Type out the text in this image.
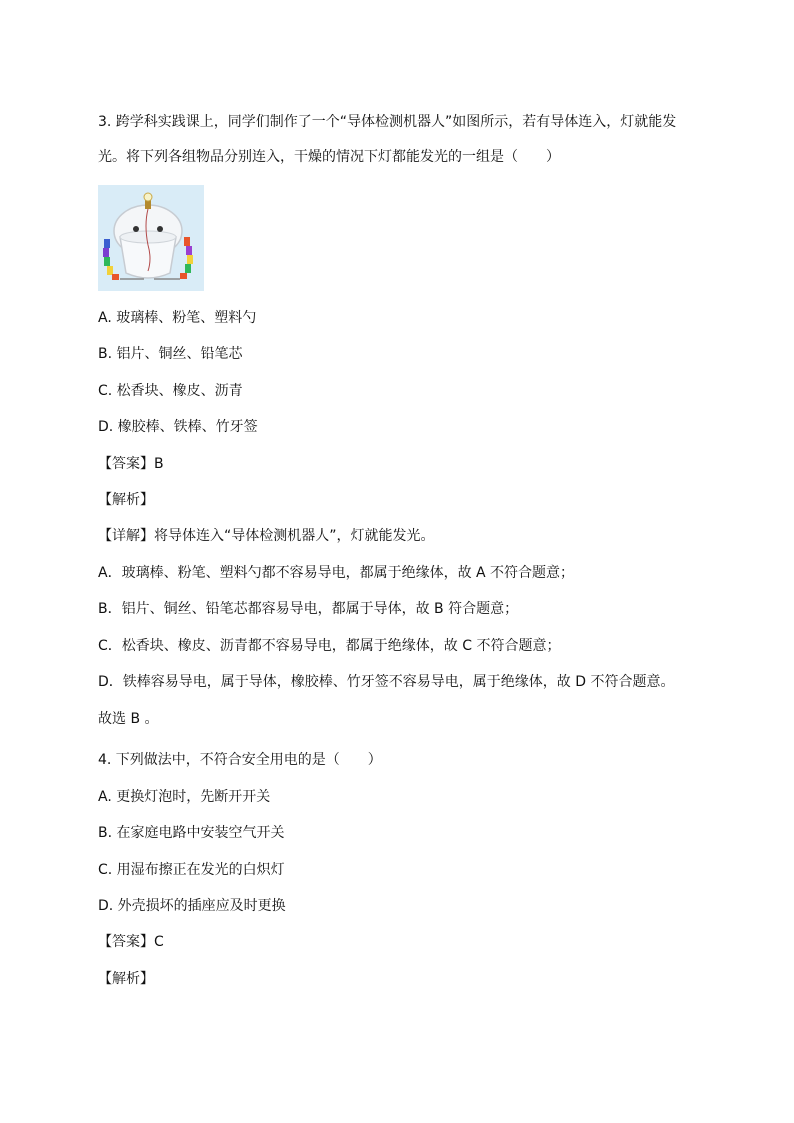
3. 跨学科实践课上，同学们制作了一个“导体检测机器人”如图所示，若有导体连入，灯就能发
光。将下列各组物品分别连入，干燥的情况下灯都能发光的一组是（　　）
A. 玻璃棒、粉笔、塑料勺
B. 铝片、铜丝、铅笔芯
C. 松香块、橡皮、沥青
D. 橡胶棒、铁棒、竹牙签
【答案】B
【解析】
【详解】将导体连入“导体检测机器人”，灯就能发光。
A．玻璃棒、粉笔、塑料勺都不容易导电，都属于绝缘体，故 A 不符合题意；
B．铝片、铜丝、铅笔芯都容易导电，都属于导体，故 B 符合题意；
C．松香块、橡皮、沥青都不容易导电，都属于绝缘体，故 C 不符合题意；
D．铁棒容易导电，属于导体，橡胶棒、竹牙签不容易导电，属于绝缘体，故 D 不符合题意。
故选 B 。
4. 下列做法中，不符合安全用电的是（　　）
A. 更换灯泡时，先断开开关
B. 在家庭电路中安装空气开关
C. 用湿布擦正在发光的白炽灯
D. 外壳损坏的插座应及时更换
【答案】C
【解析】
